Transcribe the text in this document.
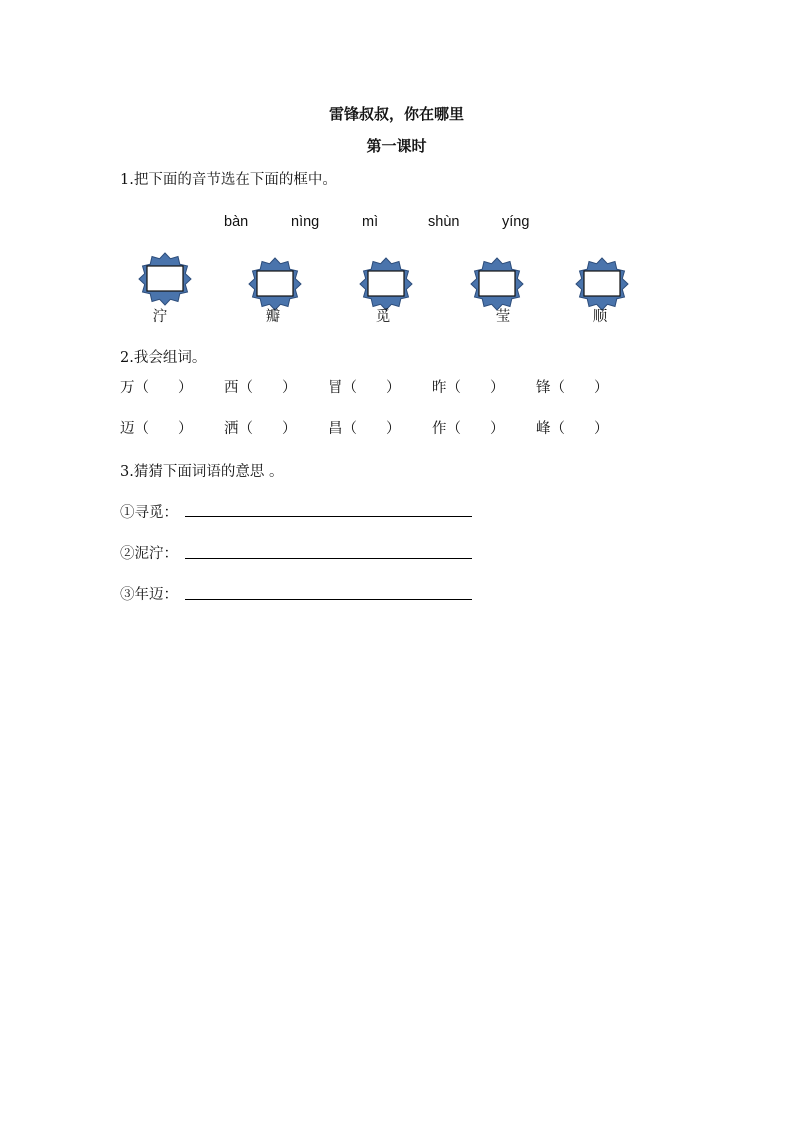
雷锋叔叔，你在哪里
第一课时
1.把下面的音节选在下面的框中。
bàn	nìng	mì	shùn	yíng
泞	瓣	觅	莹	顺
2.我会组词。
万（　　）	西（　　）	冒（　　）	昨（　　）	锋（　　）
迈（　　）	洒（　　）	昌（　　）	作（　　）	峰（　　）
3.猜猜下面词语的意思 。
①寻觅：
②泥泞：
③年迈：
